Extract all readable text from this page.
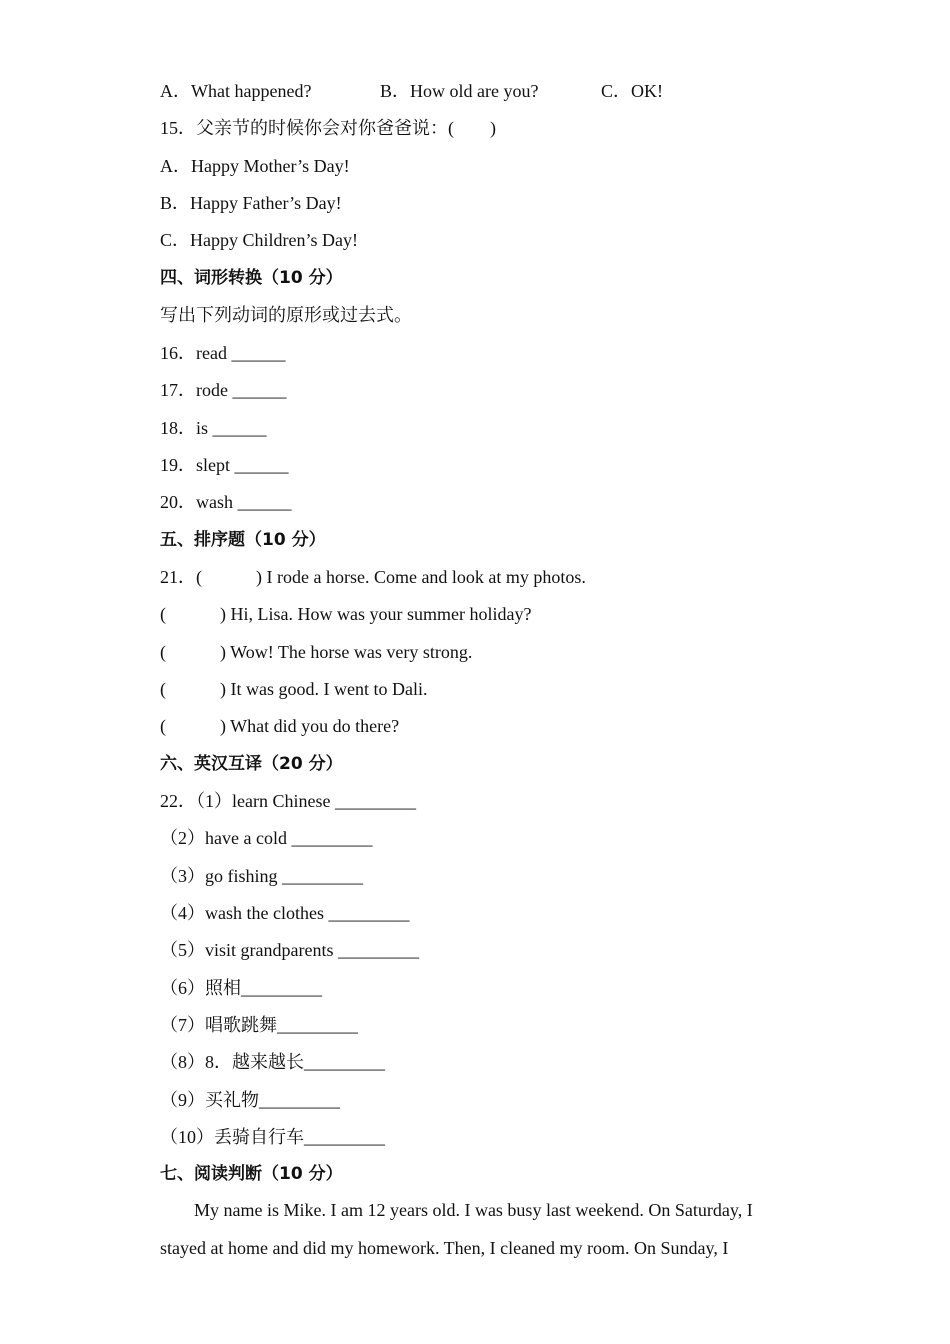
A．What happened?	B．How old are you?	C．OK!
15．父亲节的时候你会对你爸爸说：(　　)
A．Happy Mother’s Day!
B．Happy Father’s Day!
C．Happy Children’s Day!
四、词形转换（10 分）
写出下列动词的原形或过去式。
16．read ______
17．rode ______
18．is ______
19．slept ______
20．wash ______
五、排序题（10 分）
21．(　　　) I rode a horse. Come and look at my photos.
(　　　) Hi, Lisa. How was your summer holiday?
(　　　) Wow! The horse was very strong.
(　　　) It was good. I went to Dali.
(　　　) What did you do there?
六、英汉互译（20 分）
22．（1）learn Chinese _________
（2）have a cold _________
（3）go fishing _________
（4）wash the clothes _________
（5）visit grandparents _________
（6）照相_________
（7）唱歌跳舞_________
（8）8．越来越长_________
（9）买礼物_________
（10）丢骑自行车_________
七、阅读判断（10 分）
My name is Mike. I am 12 years old. I was busy last weekend. On Saturday, I stayed at home and did my homework. Then, I cleaned my room. On Sunday, I
